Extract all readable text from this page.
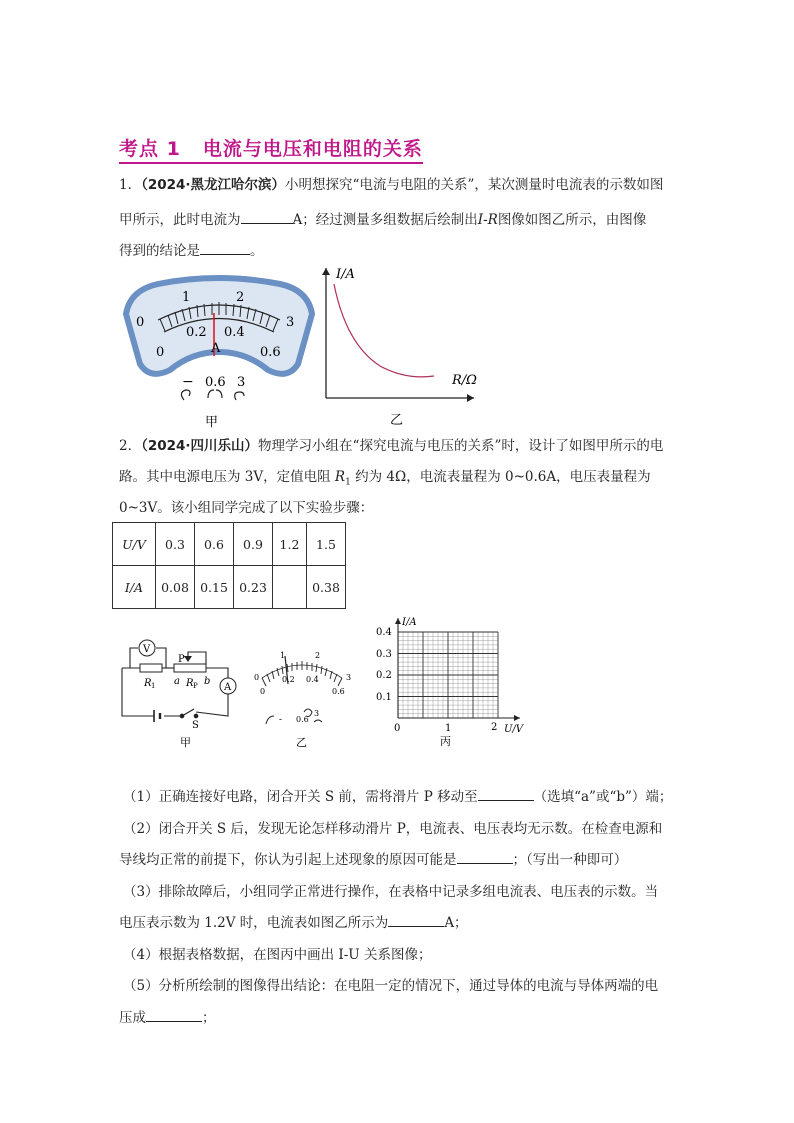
考点 1 电流与电压和电阻的关系
1．（2024·黑龙江哈尔滨）小明想探究“电流与电阻的关系”，某次测量时电流表的示数如图
甲所示，此时电流为	A；经过测量多组数据后绘制出I-R图像如图乙所示，由图像
得到的结论是	。
0
1	2
3
0
0.2 0.4
0.6
A
− 0.6 3
甲
I/A
R/Ω
乙
2．（2024·四川乐山）物理学习小组在“探究电流与电压的关系”时，设计了如图甲所示的电
路。其中电源电压为 3V，定值电阻 $R_1$ 约为 4Ω，电流表量程为 0~0.6A，电压表量程为
0~3V。该小组同学完成了以下实验步骤：
U/V	0.3	0.6	0.9	1.2	1.5
I/A	0.08	0.15	0.23		0.38
V
A
P
R 1 a R P b
S
甲
0
1	2
3
0
0.2 0.4
0.6
- 0.6
3
乙
I/A
0.4
0.3
0.2
0.1
0	1	2 U/V
丙
（1）正确连接好电路，闭合开关 S 前，需将滑片 P 移动至	（选填“a”或“b”）端；
（2）闭合开关 S 后，发现无论怎样移动滑片 P，电流表、电压表均无示数。在检查电源和
导线均正常的前提下，你认为引起上述现象的原因可能是	；（写出一种即可）
（3）排除故障后，小组同学正常进行操作，在表格中记录多组电流表、电压表的示数。当
电压表示数为 1.2V 时，电流表如图乙所示为	A；
（4）根据表格数据，在图丙中画出 I-U 关系图像；
（5）分析所绘制的图像得出结论：在电阻一定的情况下，通过导体的电流与导体两端的电
压成	；
